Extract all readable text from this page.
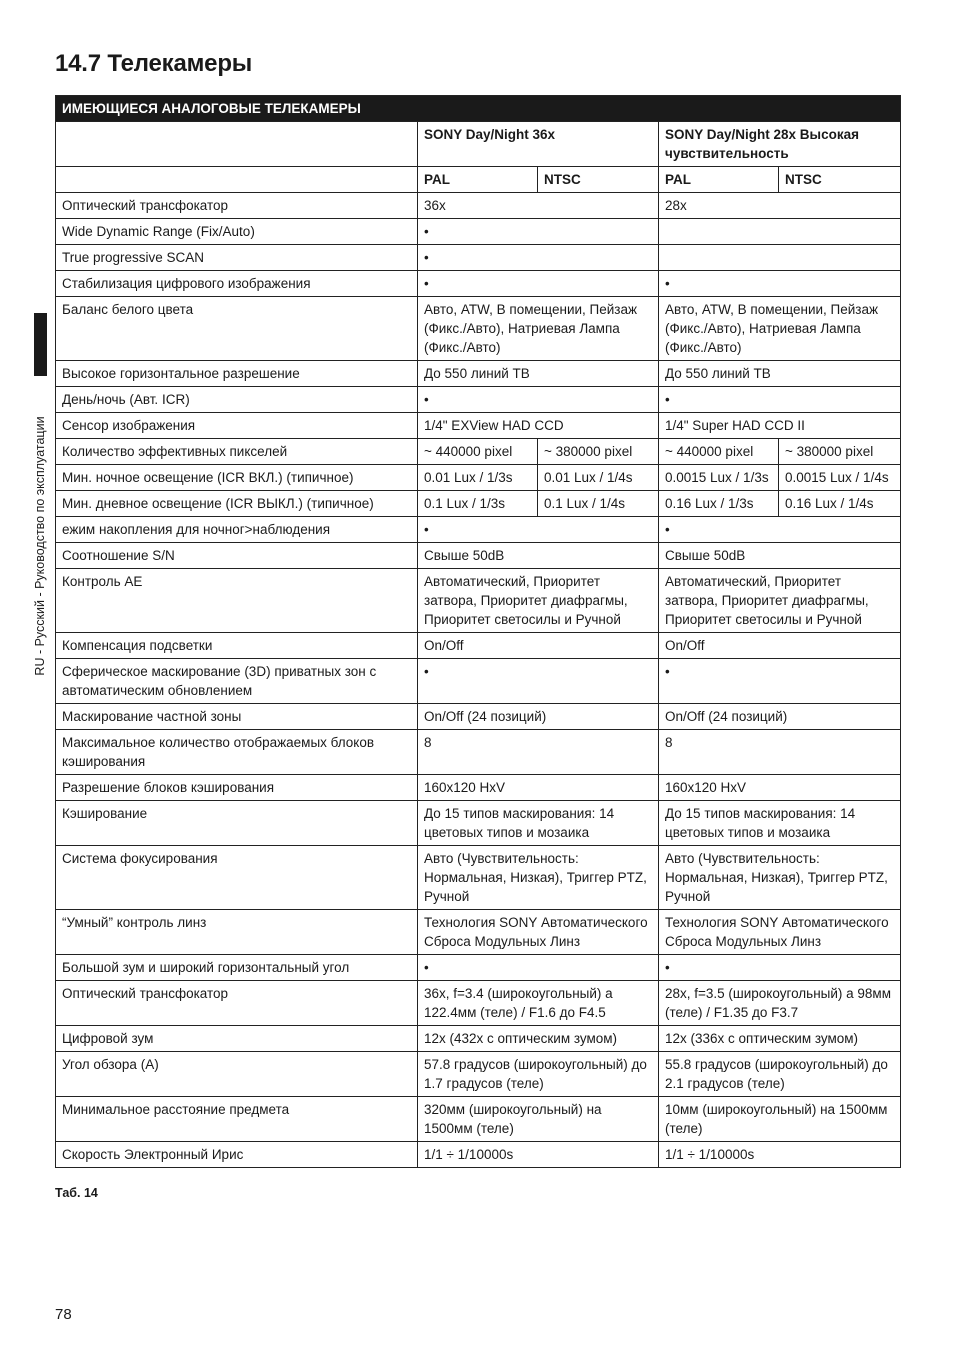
14.7 Телекамеры
RU - Русский - Руководство по эксплуатации
ИМЕЮЩИЕСЯ АНАЛОГОВЫЕ ТЕЛЕКАМЕРЫ				
	SONY Day/Night 36x		SONY Day/Night 28x Высокая чувствительность	
	PAL	NTSC	PAL	NTSC
Оптический трансфокатор	36x		28x	
Wide Dynamic Range (Fix/Auto)	•			
True progressive SCAN	•			
Стабилизация цифрового изображения	•		•	
Баланс белого цвета	Авто, ATW, В помещении, Пейзаж (Фикс./Авто), Натриевая Лампа (Фикс./Авто)		Авто, ATW, В помещении, Пейзаж (Фикс./Авто), Натриевая Лампа (Фикс./Авто)	
Высокое горизонтальное разрешение	До 550 линий ТВ		До 550 линий ТВ	
День/ночь (Авт. ICR)	•		•	
Сенсор изображения	1/4" EXView HAD CCD		1/4" Super HAD CCD II	
Количество эффективных пикселей	~ 440000 pixel	~ 380000 pixel	~ 440000 pixel	~ 380000 pixel
Мин. ночное освещение (ICR ВКЛ.) (типичное)	0.01 Lux / 1/3s	0.01 Lux / 1/4s	0.0015 Lux / 1/3s	0.0015 Lux / 1/4s
Мин. дневное освещение (ICR ВЫКЛ.) (типичное)	0.1 Lux / 1/3s	0.1 Lux / 1/4s	0.16 Lux / 1/3s	0.16 Lux / 1/4s
ежим накопления для ночног>наблюдения	•		•	
Соотношение S/N	Свыше 50dB		Свыше 50dB	
Контроль AE	Автоматический, Приоритет затвора, Приоритет диафрагмы, Приоритет светосилы и Ручной		Автоматический, Приоритет затвора, Приоритет диафрагмы, Приоритет светосилы и Ручной	
Компенсация подсветки	On/Off		On/Off	
Сферическое маскирование (3D) приватных зон с автоматическим обновлением	•		•	
Маскирование частной зоны	On/Off (24 позиций)		On/Off (24 позиций)	
Максимальное количество отображаемых блоков кэширования	8		8	
Разрешение блоков кэширования	160x120 HxV		160x120 HxV	
Кэширование	До 15 типов маскирования: 14 цветовых типов и мозаика		До 15 типов маскирования: 14 цветовых типов и мозаика	
Система фокусирования	Авто (Чувствительность: Нормальная, Низкая), Триггер PTZ, Ручной		Авто (Чувствительность: Нормальная, Низкая), Триггер PTZ, Ручной	
“Умный” контроль линз	Технология SONY Автоматического Сброса Модульных Линз		Технология SONY Автоматического Сброса Модульных Линз	
Большой зум и широкий горизонтальный угол	•		•	
Оптический трансфокатор	36x, f=3.4 (широкоугольный) а 122.4мм (теле) / F1.6 до F4.5		28x, f=3.5 (широкоугольный) а 98мм (теле) / F1.35 до F3.7	
Цифровой зум	12x (432x с оптическим зумом)		12x (336x с оптическим зумом)	
Угол обзора (A)	57.8 градусов (широкоугольный) до 1.7 градусов (теле)		55.8 градусов (широкоугольный) до 2.1 градусов (теле)	
Минимальное расстояние предмета	320мм (широкоугольный) на 1500мм (теле)		10мм (широкоугольный) на 1500мм (теле)	
Скорость Электронный Ирис	1/1 ÷ 1/10000s		1/1 ÷ 1/10000s	
Таб. 14
78
